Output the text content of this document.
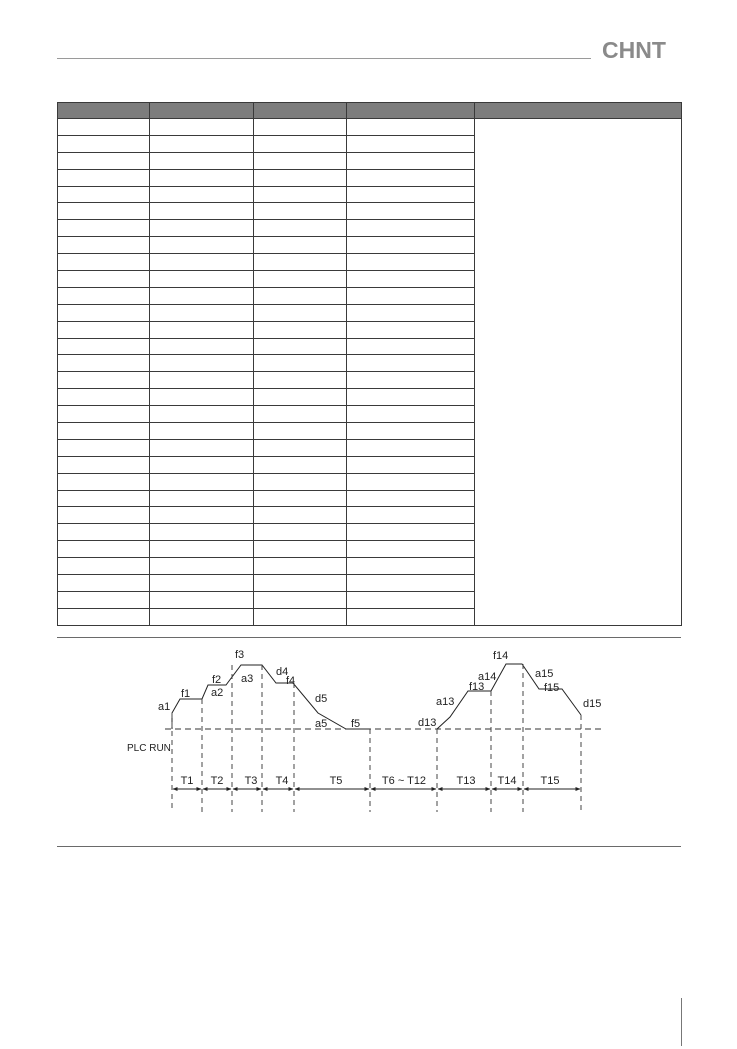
CHNT

a1
f1
f2
a2
f3
a3
d4
f4
d5
a5 f5	d13
a13
f13
a14
f14
a15
f15
d15
PLC RUN
T1 T2 T3 T4	T5	T6 ~ T12	T13 T14 T15
